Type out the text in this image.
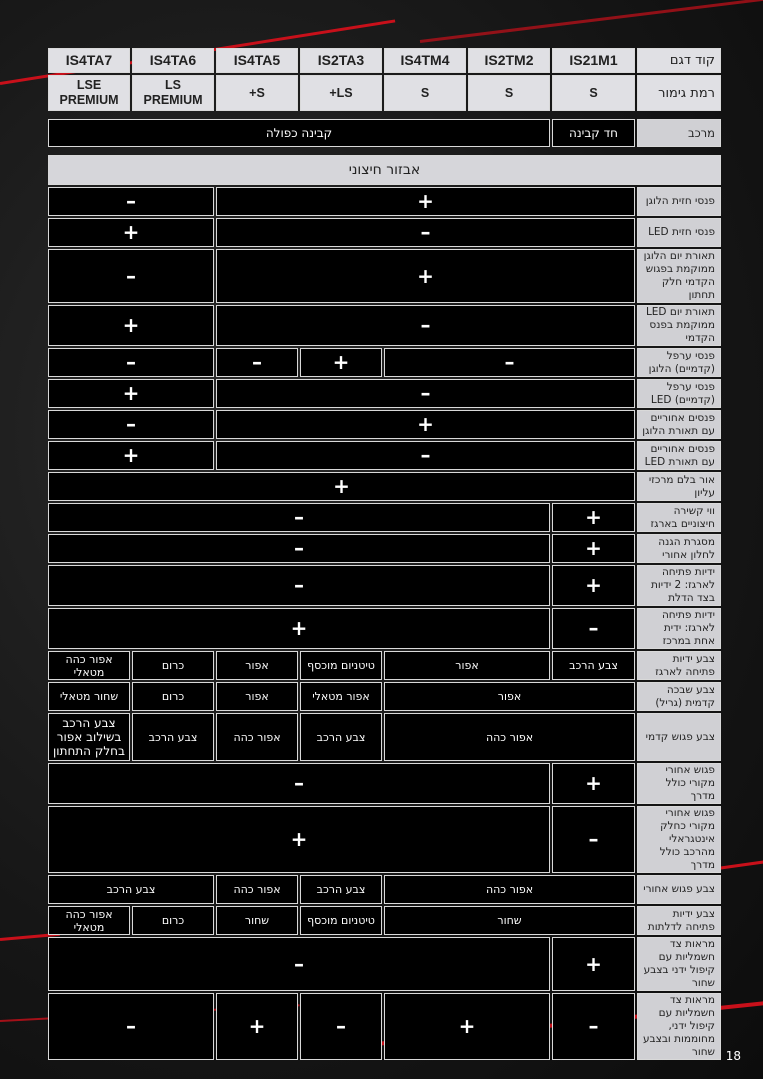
קוד דגם	IS21M1	IS2TM2	IS4TM4	IS2TA3	IS4TA5	IS4TA6	IS4TA7
רמת גימור	S	S	S	LS+	S+	LS PREMIUM	LSE PREMIUM

מרכב	חד קבינה	קבינה כפולה					

אבזור חיצוני							
פנסי חזית הלוגן	+					–	
פנסי חזית LED	–					+	
תאורת יום הלוגן ממוקמת בפגוש הקדמי חלק תחתון	+					–	
תאורת יום LED ממוקמת בפנס הקדמי	–					+	
פנסי ערפל (קדמיים) הלוגן	–			+	–	–	
פנסי ערפל (קדמיים) LED	–					+	
פנסים אחוריים עם תאורת הלוגן	+					–	
פנסים אחוריים עם תאורת LED	–					+	
אור בלם מרכזי עליון	+						
ווי קשירה חיצוניים בארגז	+	–					
מסגרת הגנה לחלון אחורי	+	–					
ידיות פתיחה לארגז: 2 ידיות בצד הדלת	+	–					
ידיות פתיחה לארגז: ידית אחת במרכז	–	+					
צבע ידיות פתיחה לארגז	צבע הרכב	אפור		טיטניום מוכסף	אפור	כרום	אפור כהה מטאלי
צבע שבכה קדמית (גריל)	אפור			אפור מטאלי	אפור	כרום	שחור מטאלי
צבע פגוש קדמי	אפור כהה			צבע הרכב	אפור כהה	צבע הרכב	צבע הרכב בשילוב אפור בחלק התחתון
פגוש אחורי מקורי כולל מדרך	+	–					
פגוש אחורי מקורי כחלק אינטגראלי מהרכב כולל מדרך	–	+					
צבע פגוש אחורי	אפור כהה			צבע הרכב	אפור כהה	צבע הרכב	
צבע ידיות פתיחה לדלתות	שחור			טיטניום מוכסף	שחור	כרום	אפור כהה מטאלי
מראות צד חשמליות עם קיפול ידני בצבע שחור	+	–					
מראות צד חשמליות עם קיפול ידני, מחוממות ובצבע שחור	–	+		–	+	–	
18
